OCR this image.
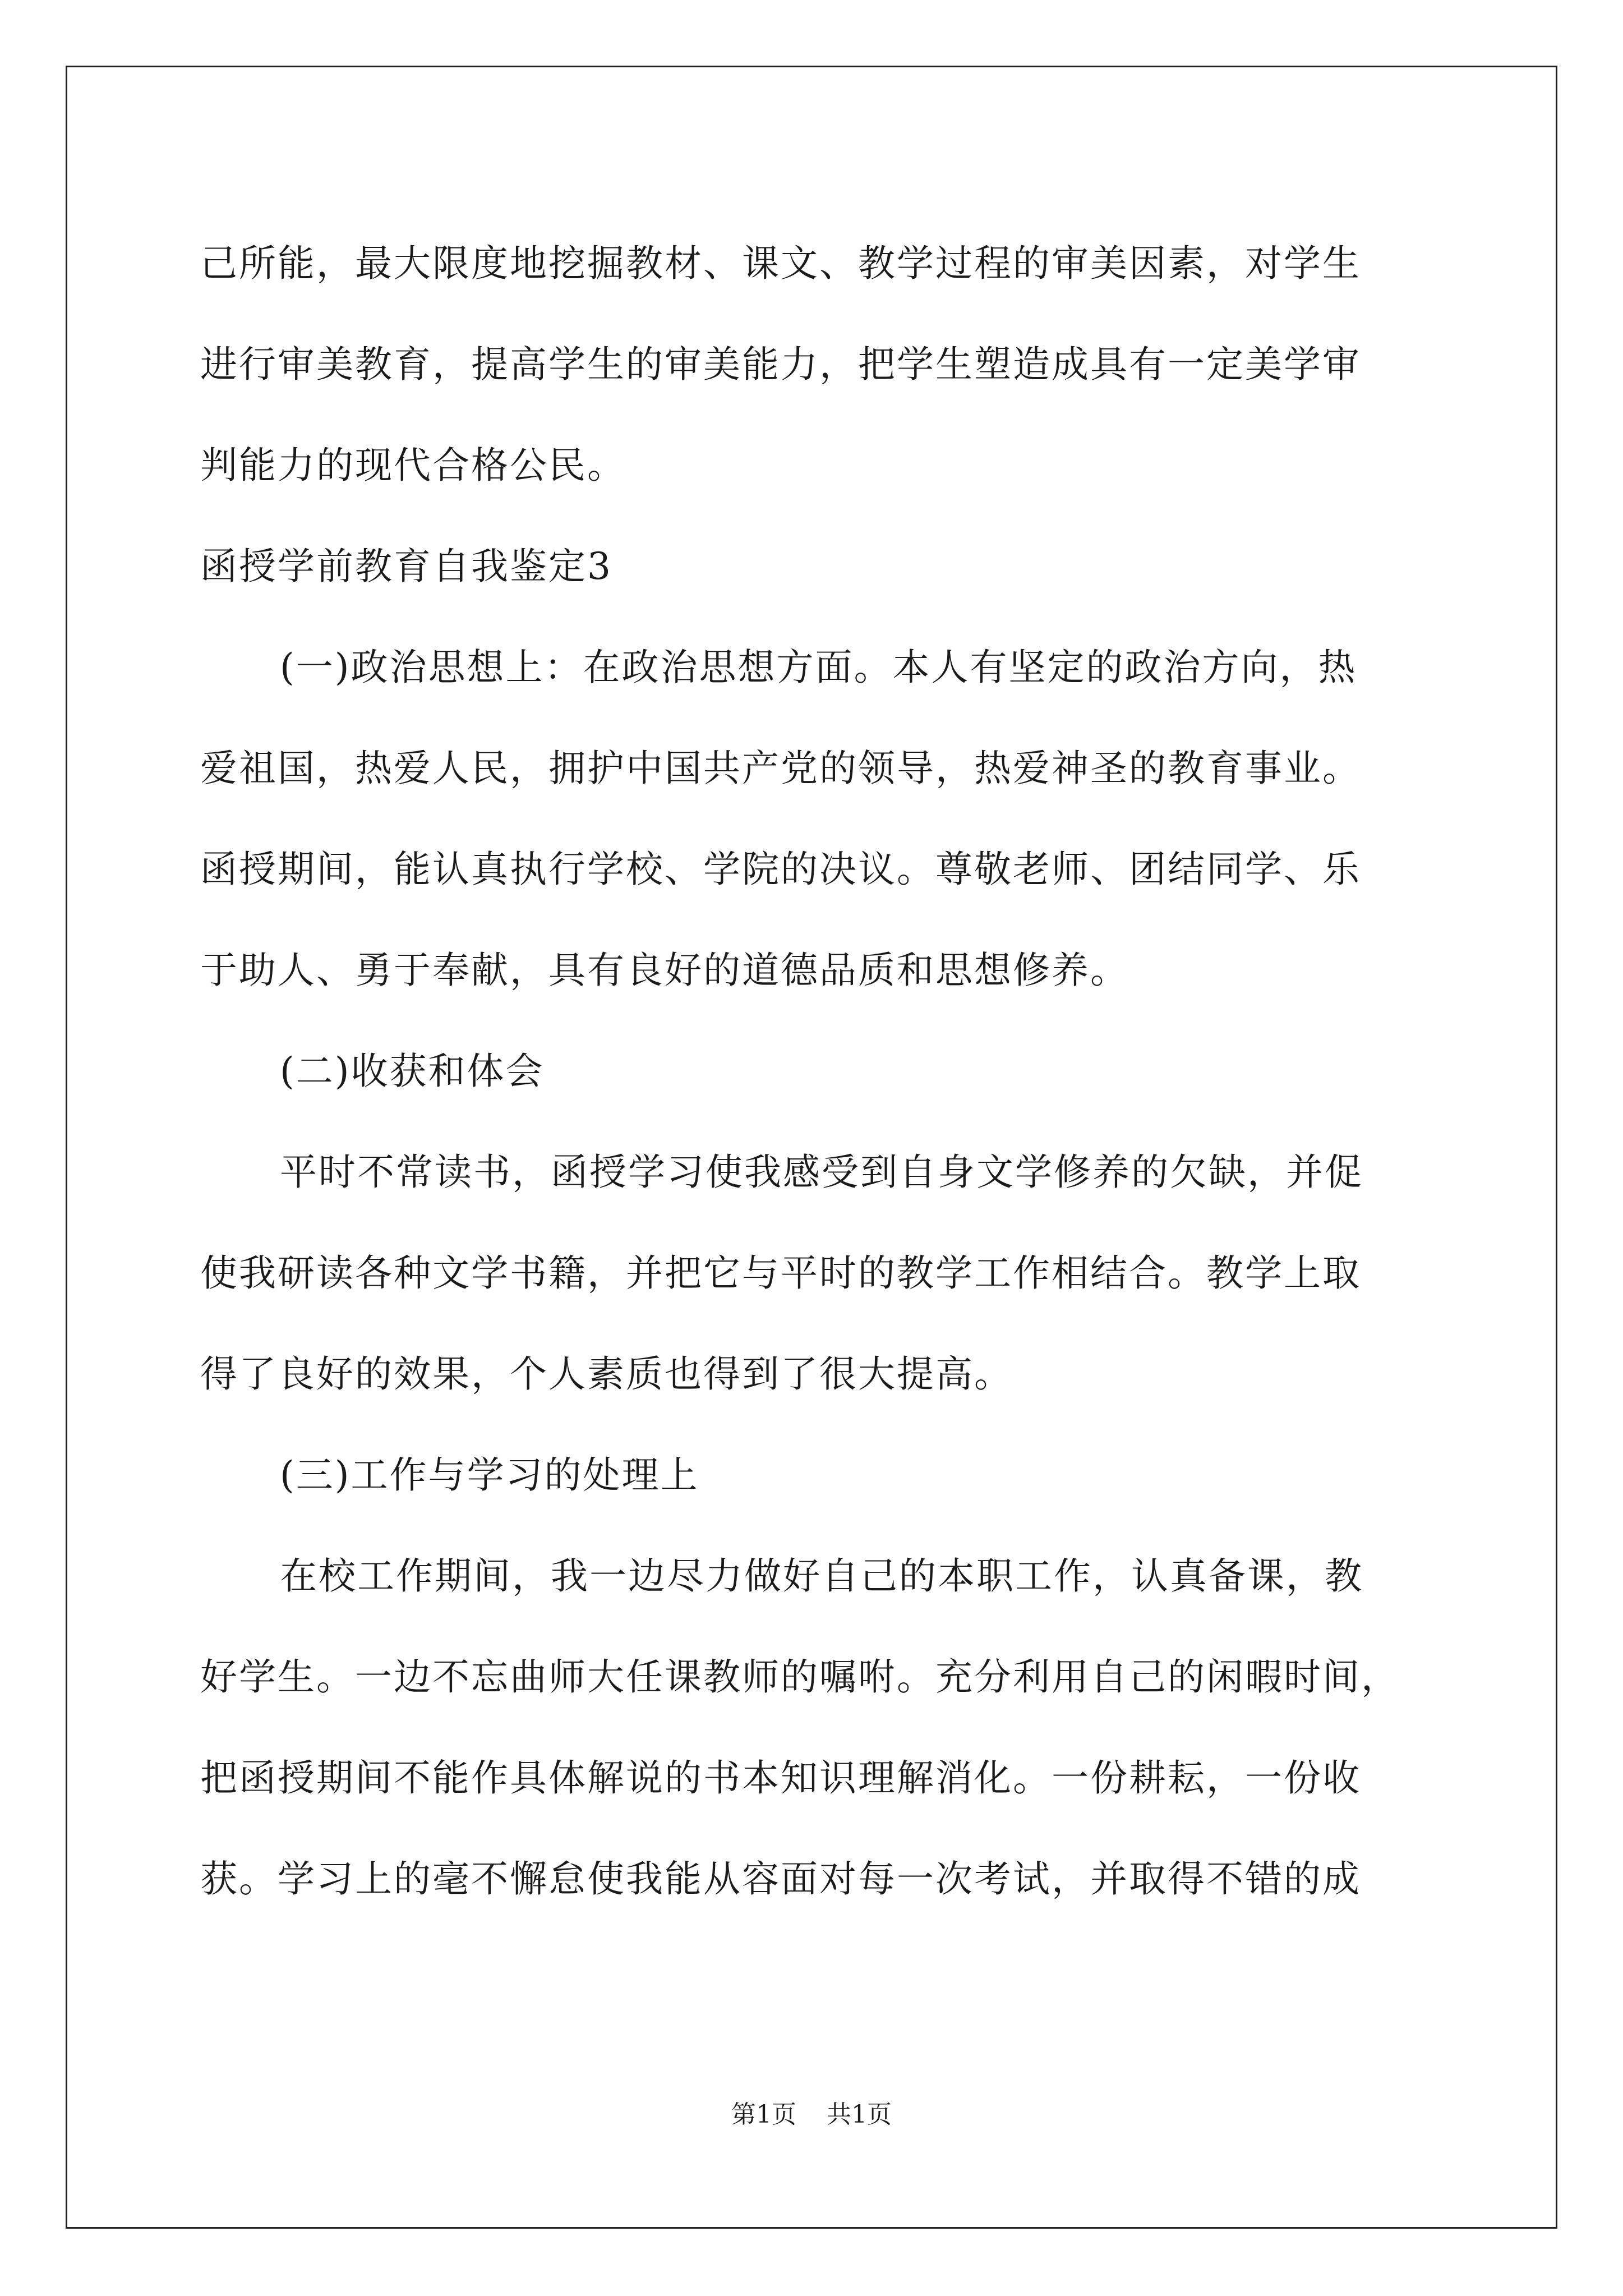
己所能，最大限度地挖掘教材、课文、教学过程的审美因素，对学生
进行审美教育，提高学生的审美能力，把学生塑造成具有一定美学审
判能力的现代合格公民。
函授学前教育自我鉴定3
(一)政治思想上：在政治思想方面。本人有坚定的政治方向，热
爱祖国，热爱人民，拥护中国共产党的领导，热爱神圣的教育事业。
函授期间，能认真执行学校、学院的决议。尊敬老师、团结同学、乐
于助人、勇于奉献，具有良好的道德品质和思想修养。
(二)收获和体会
平时不常读书，函授学习使我感受到自身文学修养的欠缺，并促
使我研读各种文学书籍，并把它与平时的教学工作相结合。教学上取
得了良好的效果，个人素质也得到了很大提高。
(三)工作与学习的处理上
在校工作期间，我一边尽力做好自己的本职工作，认真备课，教
好学生。一边不忘曲师大任课教师的嘱咐。充分利用自己的闲暇时间，
把函授期间不能作具体解说的书本知识理解消化。一份耕耘，一份收
获。学习上的毫不懈怠使我能从容面对每一次考试，并取得不错的成
第1页 共1页
